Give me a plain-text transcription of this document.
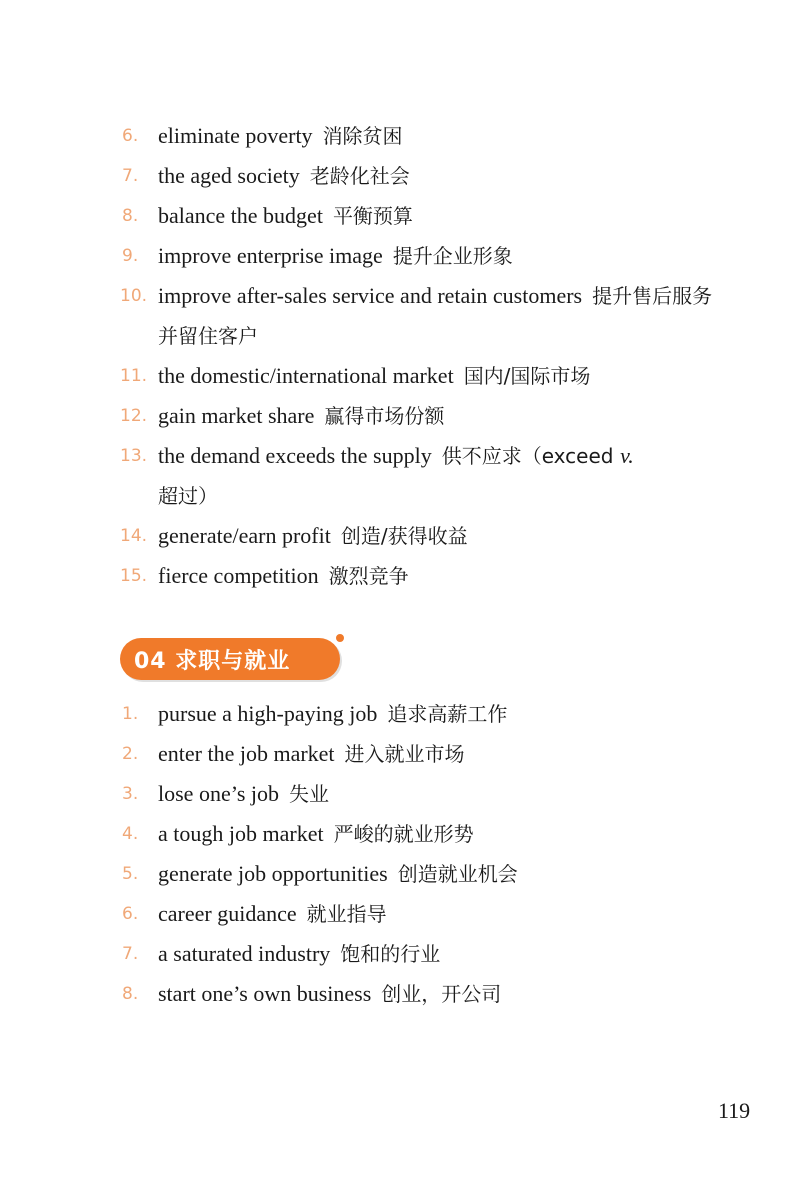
6. eliminate poverty 消除贫困
7. the aged society 老龄化社会
8. balance the budget 平衡预算
9. improve enterprise image 提升企业形象
10. improve after-sales service and retain customers 提升售后服务并留住客户
11. the domestic/international market 国内/国际市场
12. gain market share 赢得市场份额
13. the demand exceeds the supply 供不应求（exceed v.
超过）
14. generate/earn profit 创造/获得收益
15. fierce competition 激烈竞争
04 求职与就业
1. pursue a high-paying job 追求高薪工作
2. enter the job market 进入就业市场
3. lose one’s job 失业
4. a tough job market 严峻的就业形势
5. generate job opportunities 创造就业机会
6. career guidance 就业指导
7. a saturated industry 饱和的行业
8. start one’s own business 创业，开公司
119
